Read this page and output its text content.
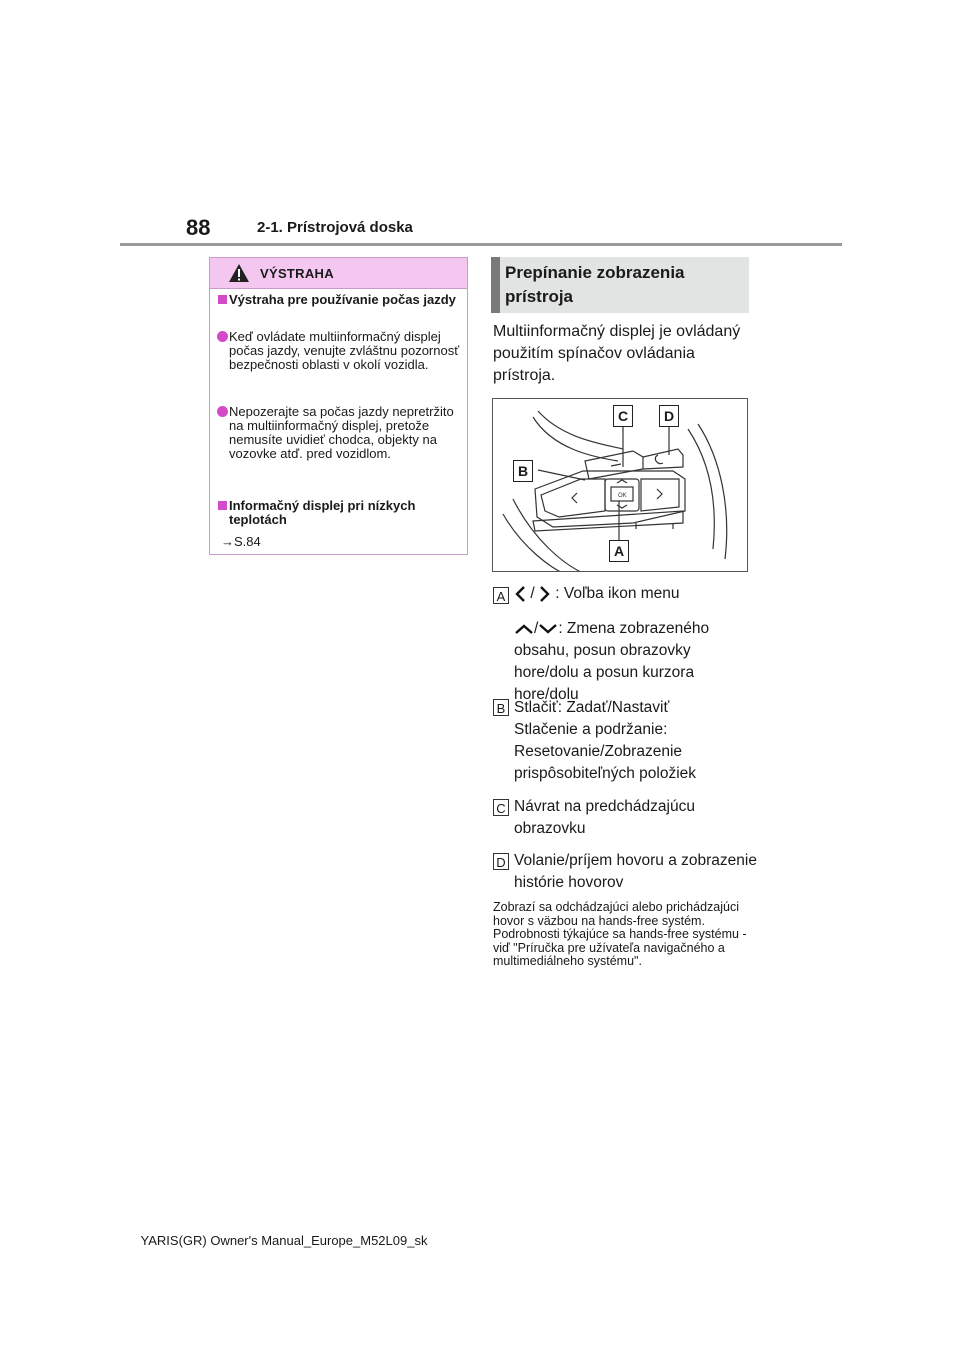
88	2-1. Prístrojová doska
VÝSTRAHA
Výstraha pre používanie počas jazdy
Keď ovládate multiinformačný displej počas jazdy, venujte zvláštnu pozornosť bezpečnosti oblasti v okolí vozidla.
Nepozerajte sa počas jazdy nepretržito na multiinformačný displej, pretože nemusíte uvidieť chodca, objekty na vozovke atď. pred vozidlom.
Informačný displej pri nízkych teplotách
→S.84
Prepínanie zobrazenia prístroja
Multiinformačný displej je ovládaný použitím spínačov ovládania prístroja.
OK
C	D
B
A
A	/ : Voľba ikon menu
/ : Zmena zobrazeného obsahu, posun obrazovky hore/dolu a posun kurzora hore/dolu
B Stlačiť: Zadať/Nastaviť
Stlačenie a podržanie: Resetovanie/Zobrazenie prispôsobiteľných položiek
C Návrat na predchádzajúcu obrazovku
D Volanie/príjem hovoru a zobrazenie histórie hovorov
Zobrazí sa odchádzajúci alebo prichádzajúci hovor s väzbou na hands-free systém. Podrobnosti týkajúce sa hands-free systému - viď "Príručka pre užívateľa navigačného a multimediálneho systému".
YARIS(GR) Owner's Manual_Europe_M52L09_sk
